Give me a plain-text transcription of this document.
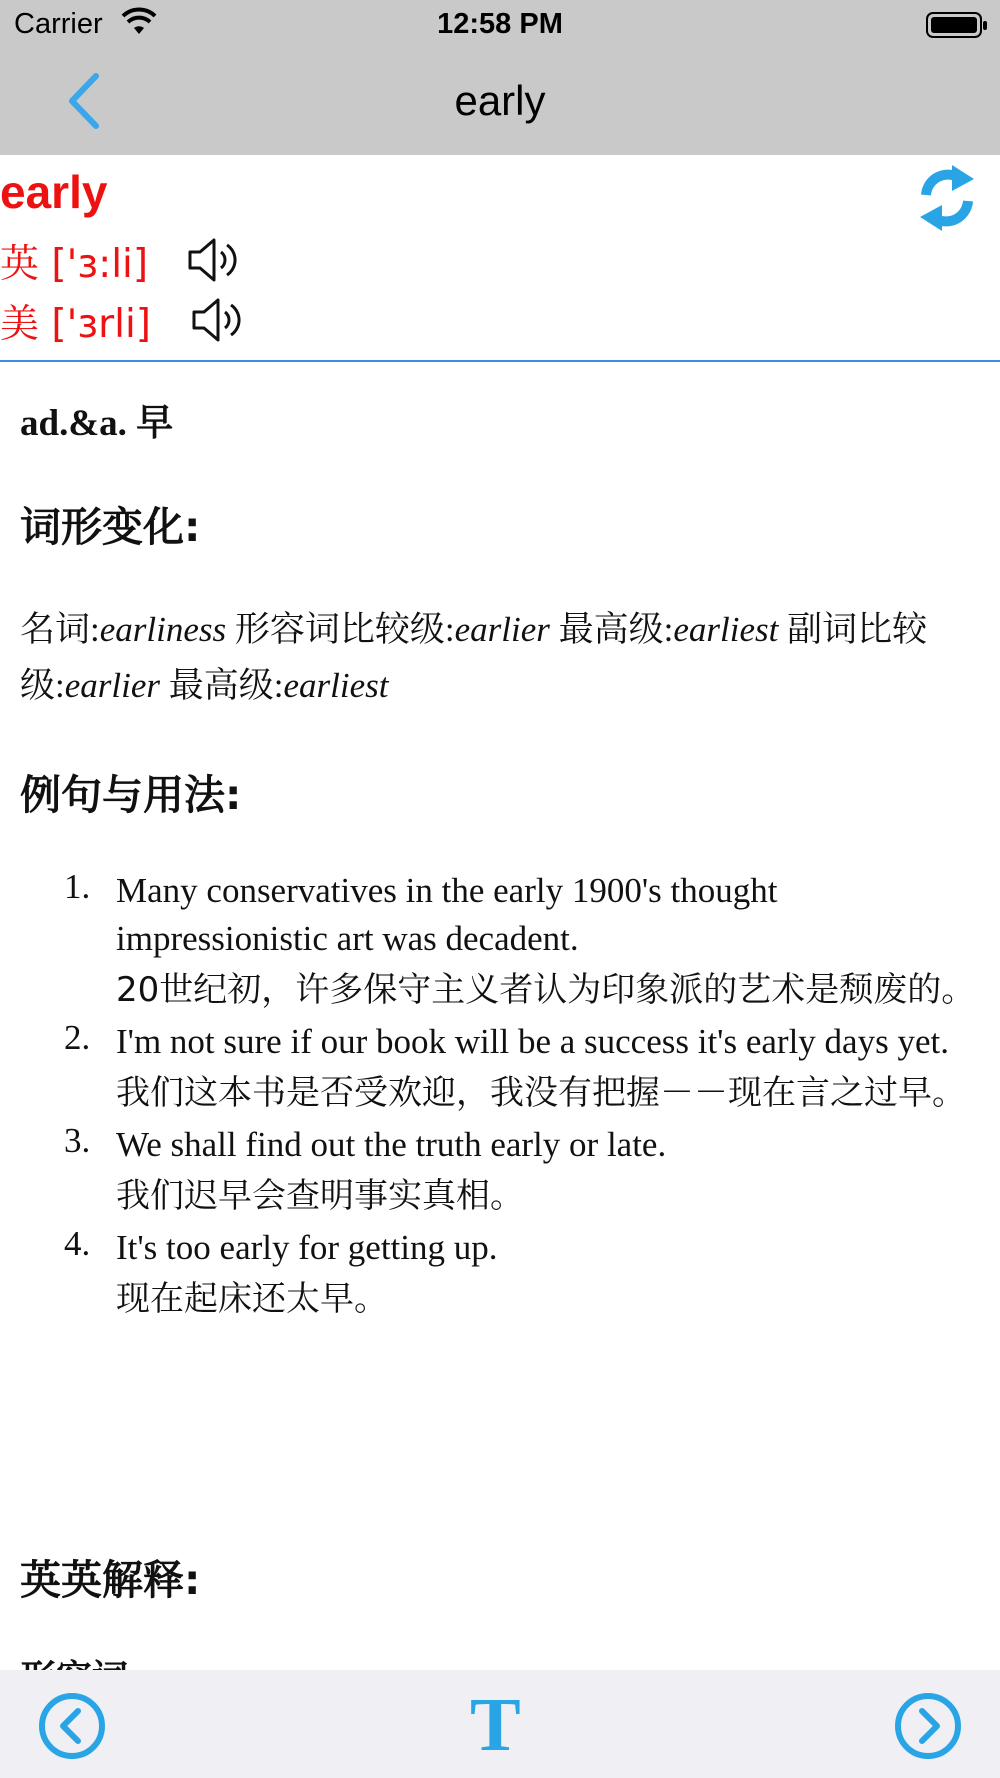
Carrier	12:58 PM
early
early
英 ['ɜ:li]
美 ['ɜrli]
ad.&a. 早
词形变化:
名词:earliness 形容词比较级:earlier 最高级:earliest 副词比较级:earlier 最高级:earliest
例句与用法:
1. Many conservatives in the early 1900's thought impressionistic art was decadent.
20世纪初，许多保守主义者认为印象派的艺术是颓废的。
2. I'm not sure if our book will be a success it's early days yet.
我们这本书是否受欢迎，我没有把握－－现在言之过早。
3. We shall find out the truth early or late.
我们迟早会查明事实真相。
4. It's too early for getting up.
现在起床还太早。
英英解释:
T
